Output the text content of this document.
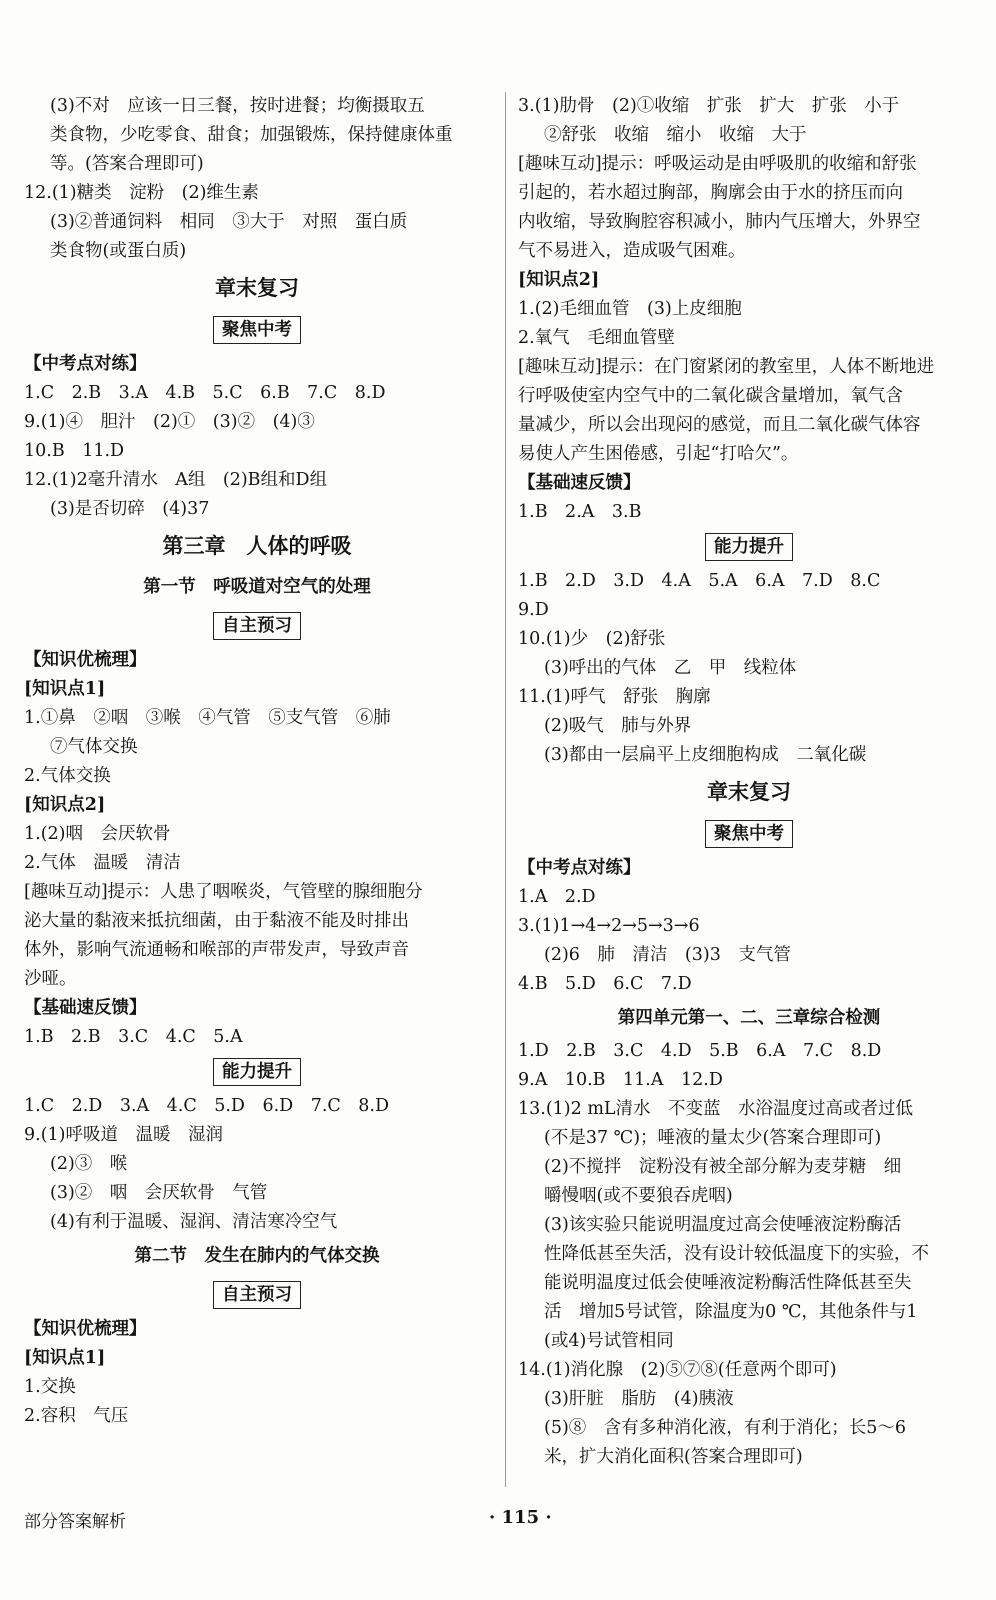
(3)不对　应该一日三餐，按时进餐；均衡摄取五
类食物，少吃零食、甜食；加强锻炼，保持健康体重
等。(答案合理即可)
12.(1)糖类　淀粉　(2)维生素
(3)②普通饲料　相同　③大于　对照　蛋白质
类食物(或蛋白质)
章末复习
聚焦中考
【中考点对练】
1.C　2.B　3.A　4.B　5.C　6.B　7.C　8.D
9.(1)④　胆汁　(2)①　(3)②　(4)③
10.B　11.D
12.(1)2毫升清水　A组　(2)B组和D组
(3)是否切碎　(4)37
第三章　人体的呼吸
第一节　呼吸道对空气的处理
自主预习
【知识优梳理】
[知识点1]
1.①鼻　②咽　③喉　④气管　⑤支气管　⑥肺
⑦气体交换
2.气体交换
[知识点2]
1.(2)咽　会厌软骨
2.气体　温暖　清洁
[趣味互动]提示：人患了咽喉炎，气管壁的腺细胞分
泌大量的黏液来抵抗细菌，由于黏液不能及时排出
体外，影响气流通畅和喉部的声带发声，导致声音
沙哑。
【基础速反馈】
1.B　2.B　3.C　4.C　5.A
能力提升
1.C　2.D　3.A　4.C　5.D　6.D　7.C　8.D
9.(1)呼吸道　温暖　湿润
(2)③　喉
(3)②　咽　会厌软骨　气管
(4)有利于温暖、湿润、清洁寒冷空气
第二节　发生在肺内的气体交换
自主预习
【知识优梳理】
[知识点1]
1.交换
2.容积　气压
3.(1)肋骨　(2)①收缩　扩张　扩大　扩张　小于
②舒张　收缩　缩小　收缩　大于
[趣味互动]提示：呼吸运动是由呼吸肌的收缩和舒张
引起的，若水超过胸部，胸廓会由于水的挤压而向
内收缩，导致胸腔容积减小，肺内气压增大，外界空
气不易进入，造成吸气困难。
[知识点2]
1.(2)毛细血管　(3)上皮细胞
2.氧气　毛细血管壁
[趣味互动]提示：在门窗紧闭的教室里，人体不断地进
行呼吸使室内空气中的二氧化碳含量增加，氧气含
量减少，所以会出现闷的感觉，而且二氧化碳气体容
易使人产生困倦感，引起“打哈欠”。
【基础速反馈】
1.B　2.A　3.B
能力提升
1.B　2.D　3.D　4.A　5.A　6.A　7.D　8.C
9.D
10.(1)少　(2)舒张
(3)呼出的气体　乙　甲　线粒体
11.(1)呼气　舒张　胸廓
(2)吸气　肺与外界
(3)都由一层扁平上皮细胞构成　二氧化碳
章末复习
聚焦中考
【中考点对练】
1.A　2.D
3.(1)1→4→2→5→3→6
(2)6　肺　清洁　(3)3　支气管
4.B　5.D　6.C　7.D
第四单元第一、二、三章综合检测
1.D　2.B　3.C　4.D　5.B　6.A　7.C　8.D
9.A　10.B　11.A　12.D
13.(1)2 mL清水　不变蓝　水浴温度过高或者过低
(不是37 ℃)；唾液的量太少(答案合理即可)
(2)不搅拌　淀粉没有被全部分解为麦芽糖　细
嚼慢咽(或不要狼吞虎咽)
(3)该实验只能说明温度过高会使唾液淀粉酶活
性降低甚至失活，没有设计较低温度下的实验，不
能说明温度过低会使唾液淀粉酶活性降低甚至失
活　增加5号试管，除温度为0 ℃，其他条件与1
(或4)号试管相同
14.(1)消化腺　(2)⑤⑦⑧(任意两个即可)
(3)肝脏　脂肪　(4)胰液
(5)⑧　含有多种消化液，有利于消化；长5～6
米，扩大消化面积(答案合理即可)
部分答案解析	· 115 ·
